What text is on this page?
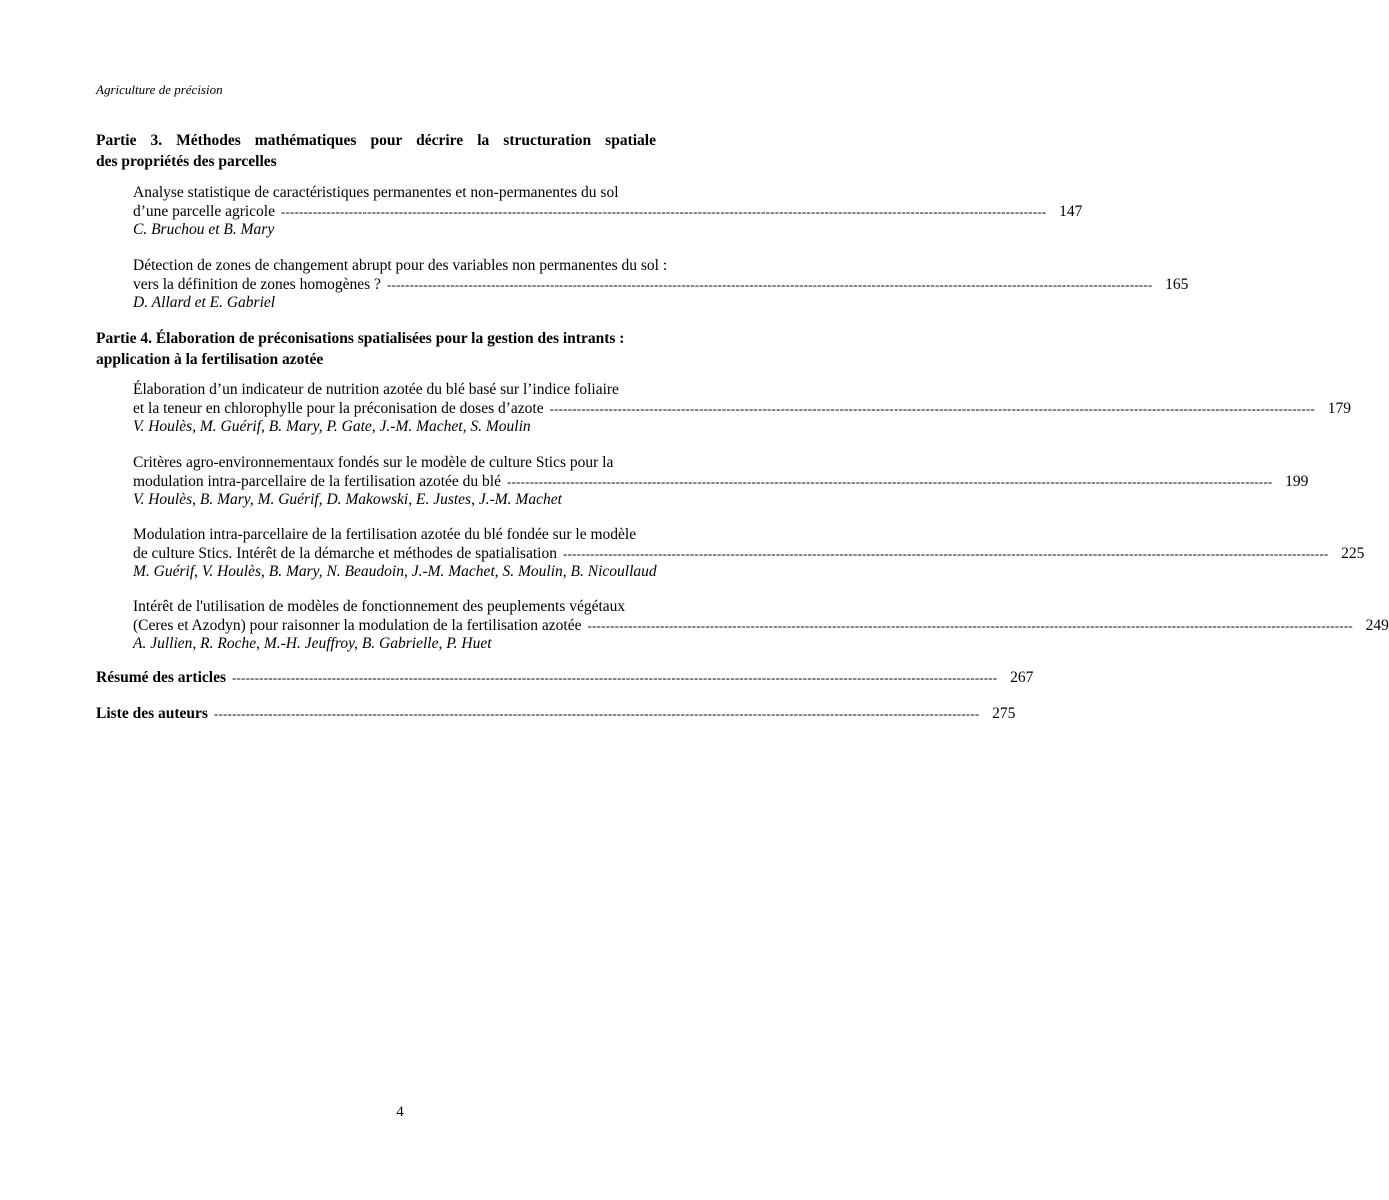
Agriculture de précision
Partie 3. Méthodes mathématiques pour décrire la structuration spatiale
des propriétés des parcelles
Analyse statistique de caractéristiques permanentes et non-permanentes du sol
d’une parcelle agricole ------------------------------------------------------------------------------------------------------------------------------------------------------------------------- 147
C. Bruchou et B. Mary
Détection de zones de changement abrupt pour des variables non permanentes du sol :
vers la définition de zones homogènes ? ------------------------------------------------------------------------------------------------------------------------------------------------------------------------- 165
D. Allard et E. Gabriel
Partie 4. Élaboration de préconisations spatialisées pour la gestion des intrants :
application à la fertilisation azotée
Élaboration d’un indicateur de nutrition azotée du blé basé sur l’indice foliaire
et la teneur en chlorophylle pour la préconisation de doses d’azote ------------------------------------------------------------------------------------------------------------------------------------------------------------------------- 179
V. Houlès, M. Guérif, B. Mary, P. Gate, J.-M. Machet, S. Moulin
Critères agro-environnementaux fondés sur le modèle de culture Stics pour la
modulation intra-parcellaire de la fertilisation azotée du blé ------------------------------------------------------------------------------------------------------------------------------------------------------------------------- 199
V. Houlès, B. Mary, M. Guérif, D. Makowski, E. Justes, J.-M. Machet
Modulation intra-parcellaire de la fertilisation azotée du blé fondée sur le modèle
de culture Stics. Intérêt de la démarche et méthodes de spatialisation ------------------------------------------------------------------------------------------------------------------------------------------------------------------------- 225
M. Guérif, V. Houlès, B. Mary, N. Beaudoin, J.-M. Machet, S. Moulin, B. Nicoullaud
Intérêt de l'utilisation de modèles de fonctionnement des peuplements végétaux
(Ceres et Azodyn) pour raisonner la modulation de la fertilisation azotée ------------------------------------------------------------------------------------------------------------------------------------------------------------------------- 249
A. Jullien, R. Roche, M.-H. Jeuffroy, B. Gabrielle, P. Huet
Résumé des articles ------------------------------------------------------------------------------------------------------------------------------------------------------------------------- 267
Liste des auteurs ------------------------------------------------------------------------------------------------------------------------------------------------------------------------- 275
4
